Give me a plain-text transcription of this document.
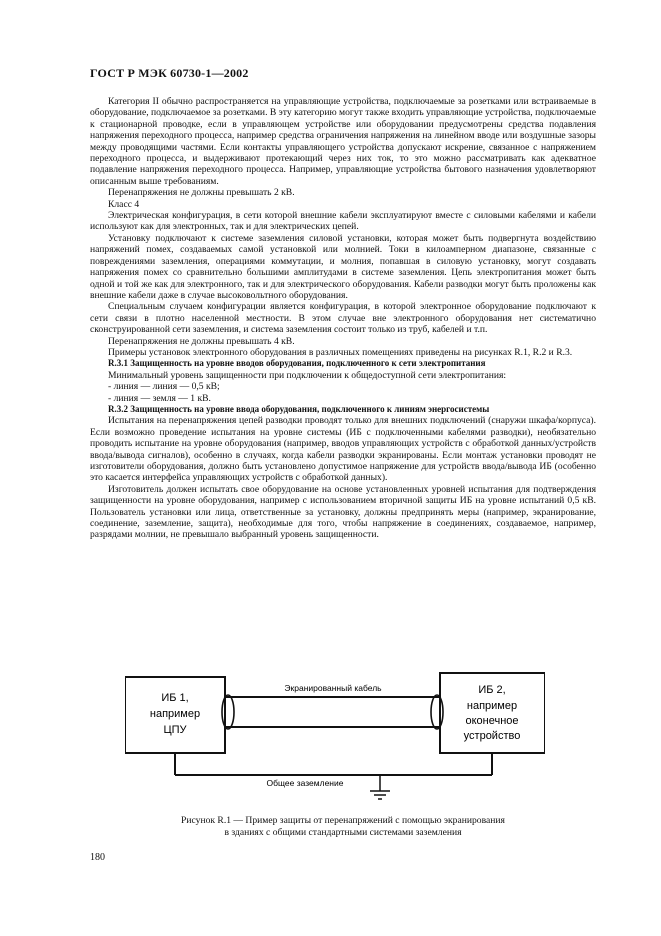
ГОСТ Р МЭК 60730-1—2002

Категория II обычно распространяется на управляющие устройства, подключаемые за розетками или встраиваемые в оборудование, подключаемое за розетками. В эту категорию могут также входить управляющие устройства, подключаемые к стационарной проводке, если в управляющем устройстве или оборудовании предусмотрены средства подавления напряжения переходного процесса, например средства ограничения напряжения на линейном вводе или воздушные зазоры между проводящими частями. Если контакты управляющего устройства допускают искрение, связанное с напряжением переходного процесса, и выдерживают протекающий через них ток, то это можно рассматривать как адекватное подавление напряжения переходного процесса. Например, управляющие устройства бытового назначения удовлетворяют описанным выше требованиям.

Перенапряжения не должны превышать 2 кВ.

Класс 4

Электрическая конфигурация, в сети которой внешние кабели эксплуатируют вместе с силовыми кабелями и кабели используют как для электронных, так и для электрических цепей.

Установку подключают к системе заземления силовой установки, которая может быть подвергнута воздействию напряжений помех, создаваемых самой установкой или молнией. Токи в килоамперном диапазоне, связанные с повреждениями заземления, операциями коммутации, и молния, попавшая в силовую установку, могут создавать напряжения помех со сравнительно большими амплитудами в системе заземления. Цепь электропитания может быть одной и той же как для электронного, так и для электрического оборудования. Кабели разводки могут быть проложены как внешние кабели даже в случае высоковольтного оборудования.

Специальным случаем конфигурации является конфигурация, в которой электронное оборудование подключают к сети связи в плотно населенной местности. В этом случае вне электронного оборудования нет систематично сконструированной сети заземления, и система заземления состоит только из труб, кабелей и т.п.

Перенапряжения не должны превышать 4 кВ.

Примеры установок электронного оборудования в различных помещениях приведены на рисунках R.1, R.2 и R.3.

R.3.1 Защищенность на уровне вводов оборудования, подключенного к сети электропитания

Минимальный уровень защищенности при подключении к общедоступной сети электропитания:

- линия — линия — 0,5 кВ;

- линия — земля — 1 кВ.

R.3.2 Защищенность на уровне ввода оборудования, подключенного к линиям энергосистемы

Испытания на перенапряжения цепей разводки проводят только для внешних подключений (снаружи шкафа/корпуса). Если возможно проведение испытания на уровне системы (ИБ с подключенными кабелями разводки), необязательно проводить испытание на уровне оборудования (например, вводов управляющих устройств с обработкой данных/устройств ввода/вывода сигналов), особенно в случаях, когда кабели разводки экранированы. Если монтаж установки проводят не изготовители оборудования, должно быть установлено допустимое напряжение для устройств ввода/вывода ИБ (особенно это касается интерфейса управляющих устройств с обработкой данных).

Изготовитель должен испытать свое оборудование на основе установленных уровней испытания для подтверждения защищенности на уровне оборудования, например с использованием вторичной защиты ИБ на уровне испытаний 0,5 кВ. Пользователь установки или лица, ответственные за установку, должны предпринять меры (например, экранирование, соединение, заземление, защита), необходимые для того, чтобы напряжение в соединениях, создаваемое, например, разрядами молнии, не превышало выбранный уровень защищенности.

ИБ 1,
например
ЦПУ
ИБ 2,
например
оконечное
устройство
Экранированный кабель
Общее заземление
Рисунок R.1 — Пример защиты от перенапряжений с помощью экранирования
в зданиях с общими стандартными системами заземления
180
